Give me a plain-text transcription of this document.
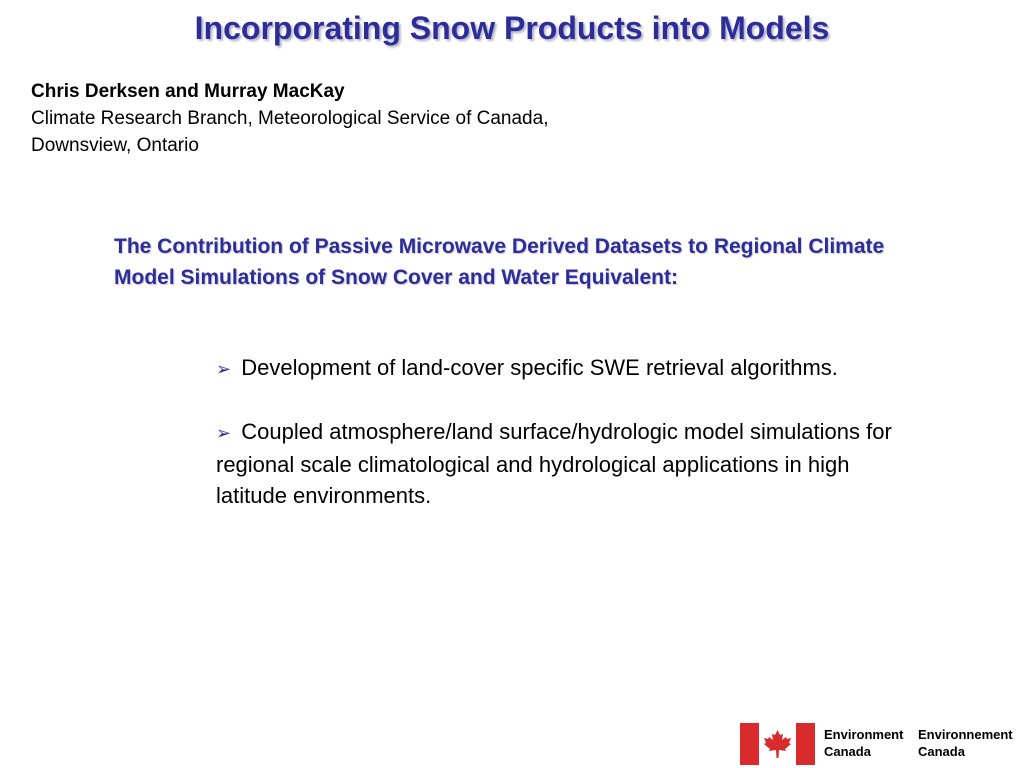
Incorporating Snow Products into Models
Chris Derksen and Murray MacKay
Climate Research Branch, Meteorological Service of Canada,
Downsview, Ontario
The Contribution of Passive Microwave Derived Datasets to Regional Climate Model Simulations of Snow Cover and Water Equivalent:
➢ Development of land-cover specific SWE retrieval algorithms.
➢ Coupled atmosphere/land surface/hydrologic model simulations for regional scale climatological and hydrological applications in high latitude environments.
Environment
Canada
Environnement
Canada
